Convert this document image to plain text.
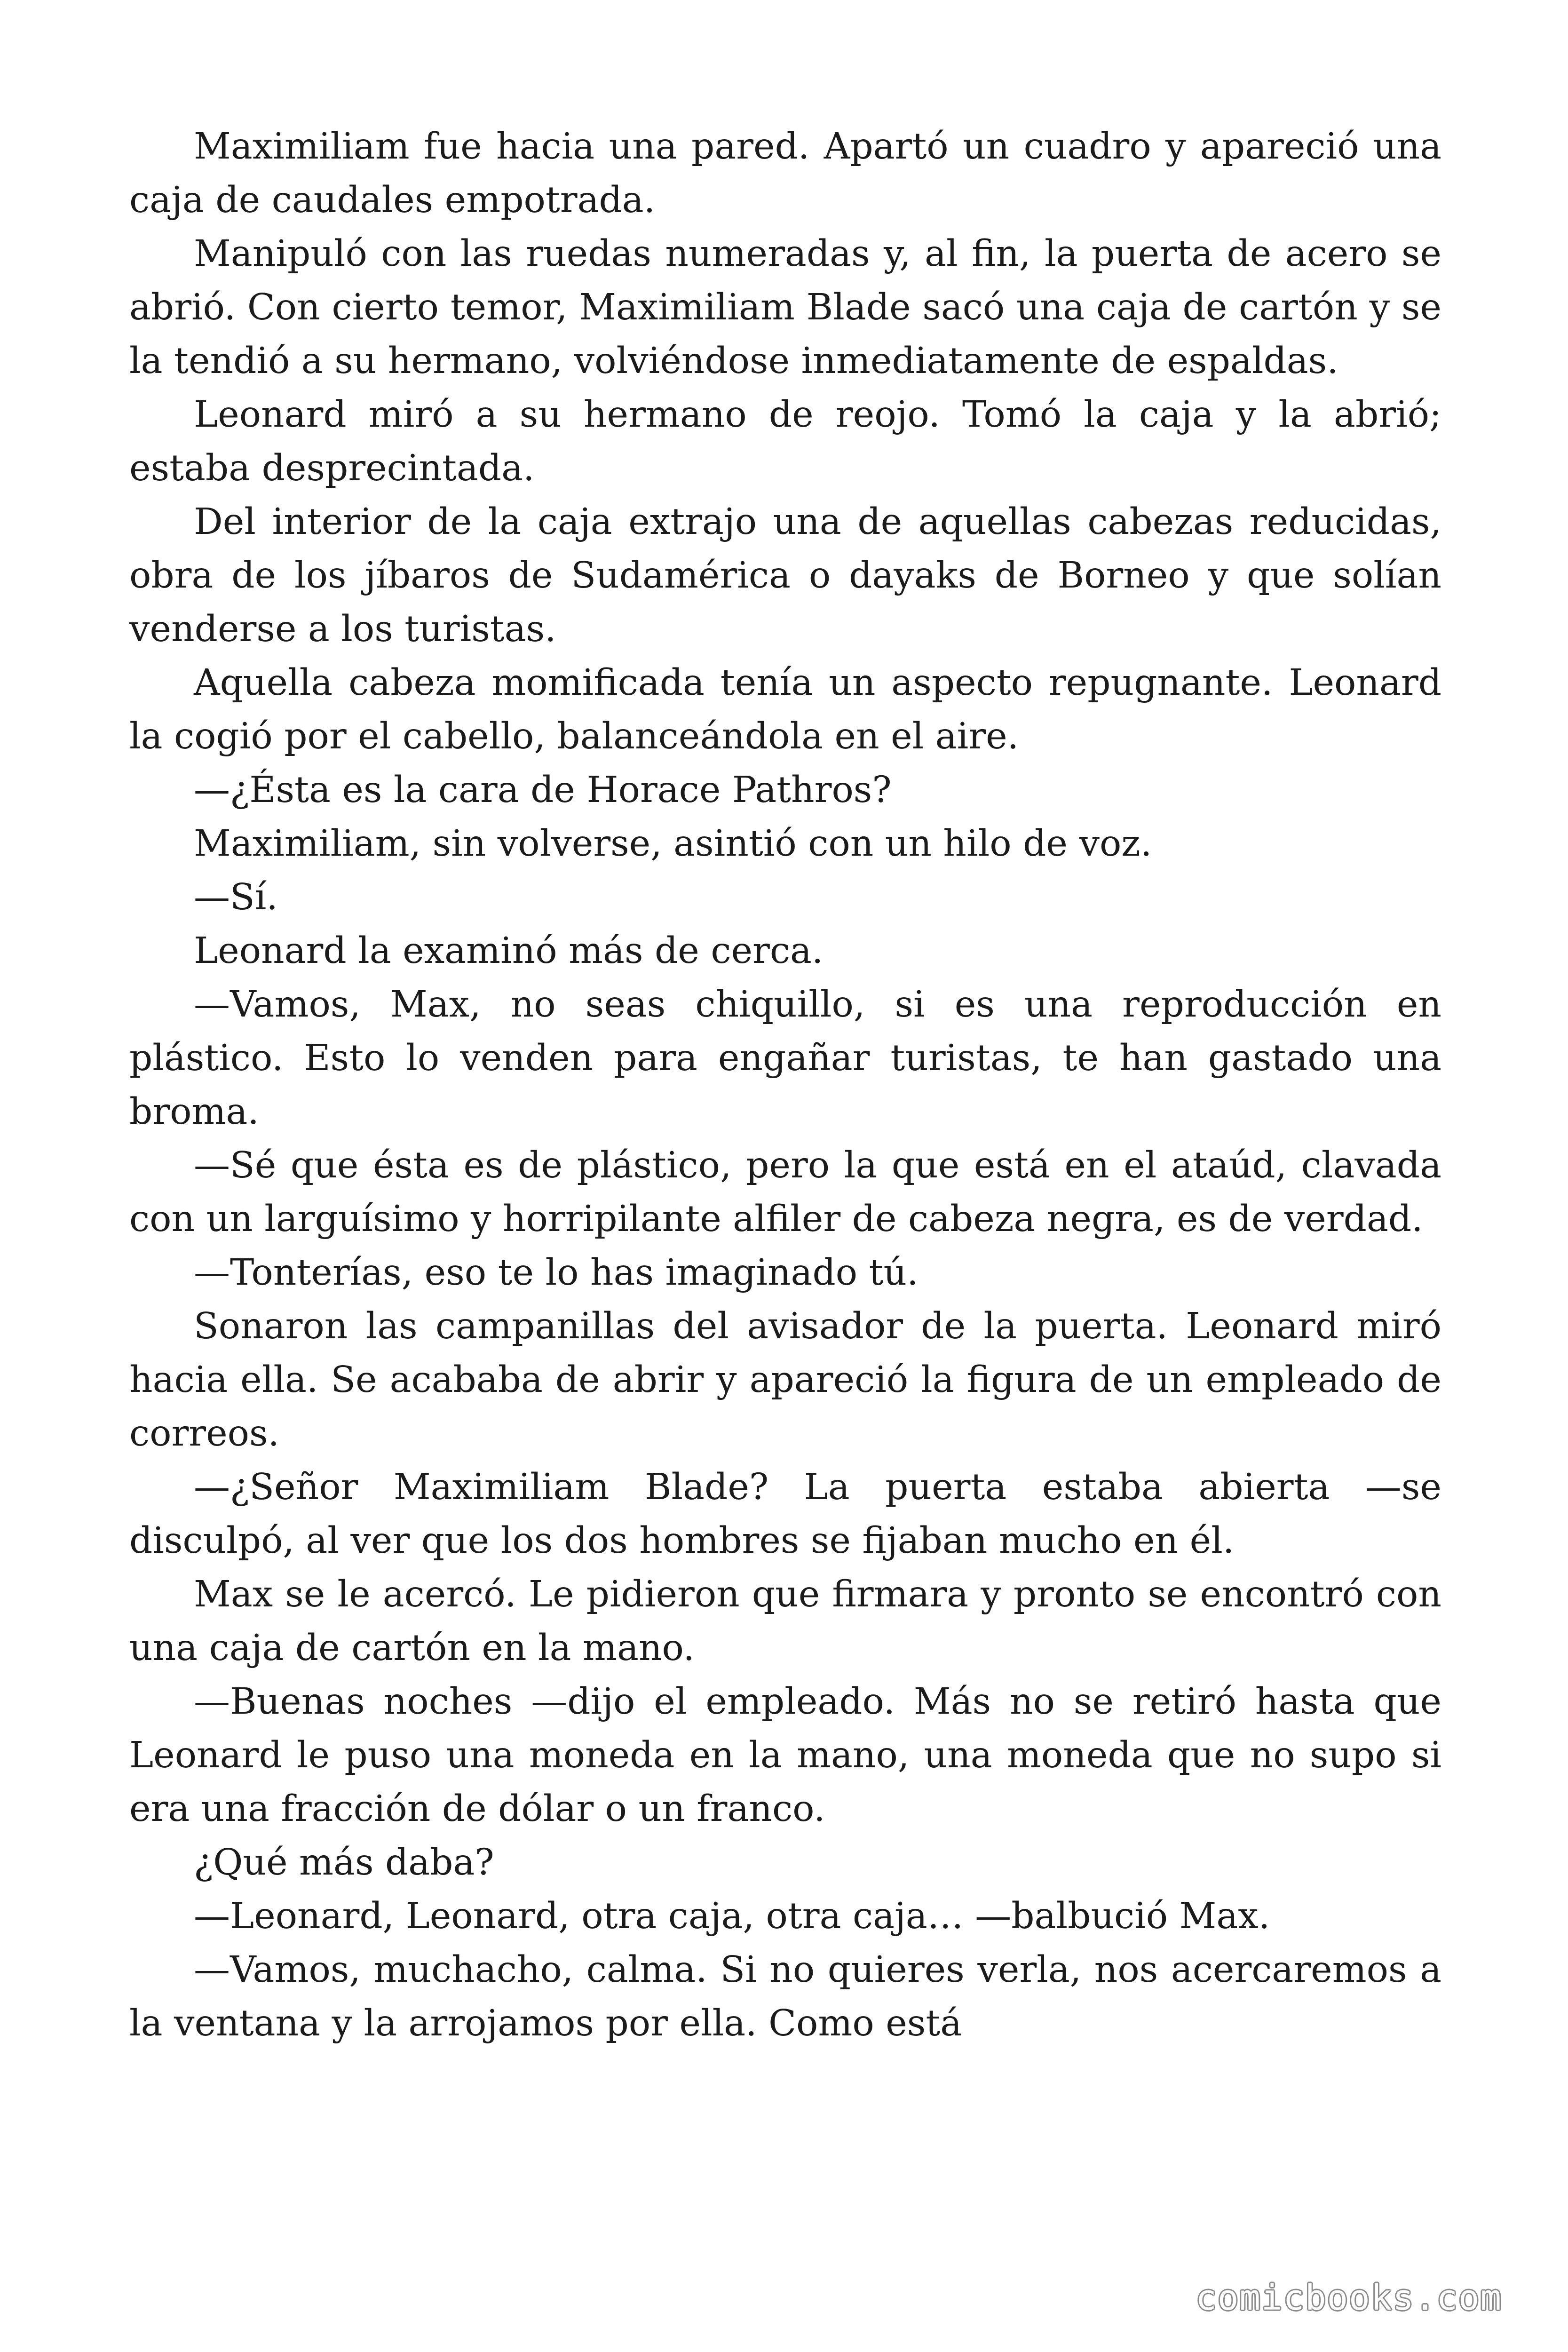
Maximiliam fue hacia una pared. Apartó un cuadro y apareció una caja de caudales empotrada.

Manipuló con las ruedas numeradas y, al fin, la puerta de acero se abrió. Con cierto temor, Maximiliam Blade sacó una caja de cartón y se la tendió a su hermano, volviéndose inmediatamente de espaldas.

Leonard miró a su hermano de reojo. Tomó la caja y la abrió; estaba desprecintada.

Del interior de la caja extrajo una de aquellas cabezas reducidas, obra de los jíbaros de Sudamérica o dayaks de Borneo y que solían venderse a los turistas.

Aquella cabeza momificada tenía un aspecto repugnante. Leonard la cogió por el cabello, balanceándola en el aire.

—¿Ésta es la cara de Horace Pathros?

Maximiliam, sin volverse, asintió con un hilo de voz.

—Sí.

Leonard la examinó más de cerca.

—Vamos, Max, no seas chiquillo, si es una reproducción en plástico. Esto lo venden para engañar turistas, te han gastado una broma.

—Sé que ésta es de plástico, pero la que está en el ataúd, clavada con un larguísimo y horripilante alfiler de cabeza negra, es de verdad.

—Tonterías, eso te lo has imaginado tú.

Sonaron las campanillas del avisador de la puerta. Leonard miró hacia ella. Se acababa de abrir y apareció la figura de un empleado de correos.

—¿Señor Maximiliam Blade? La puerta estaba abierta —se disculpó, al ver que los dos hombres se fijaban mucho en él.

Max se le acercó. Le pidieron que firmara y pronto se encontró con una caja de cartón en la mano.

—Buenas noches —dijo el empleado. Más no se retiró hasta que Leonard le puso una moneda en la mano, una moneda que no supo si era una fracción de dólar o un franco.

¿Qué más daba?

—Leonard, Leonard, otra caja, otra caja… —balbució Max.

—Vamos, muchacho, calma. Si no quieres verla, nos acercaremos a la ventana y la arrojamos por ella. Como está

comicbooks.com
